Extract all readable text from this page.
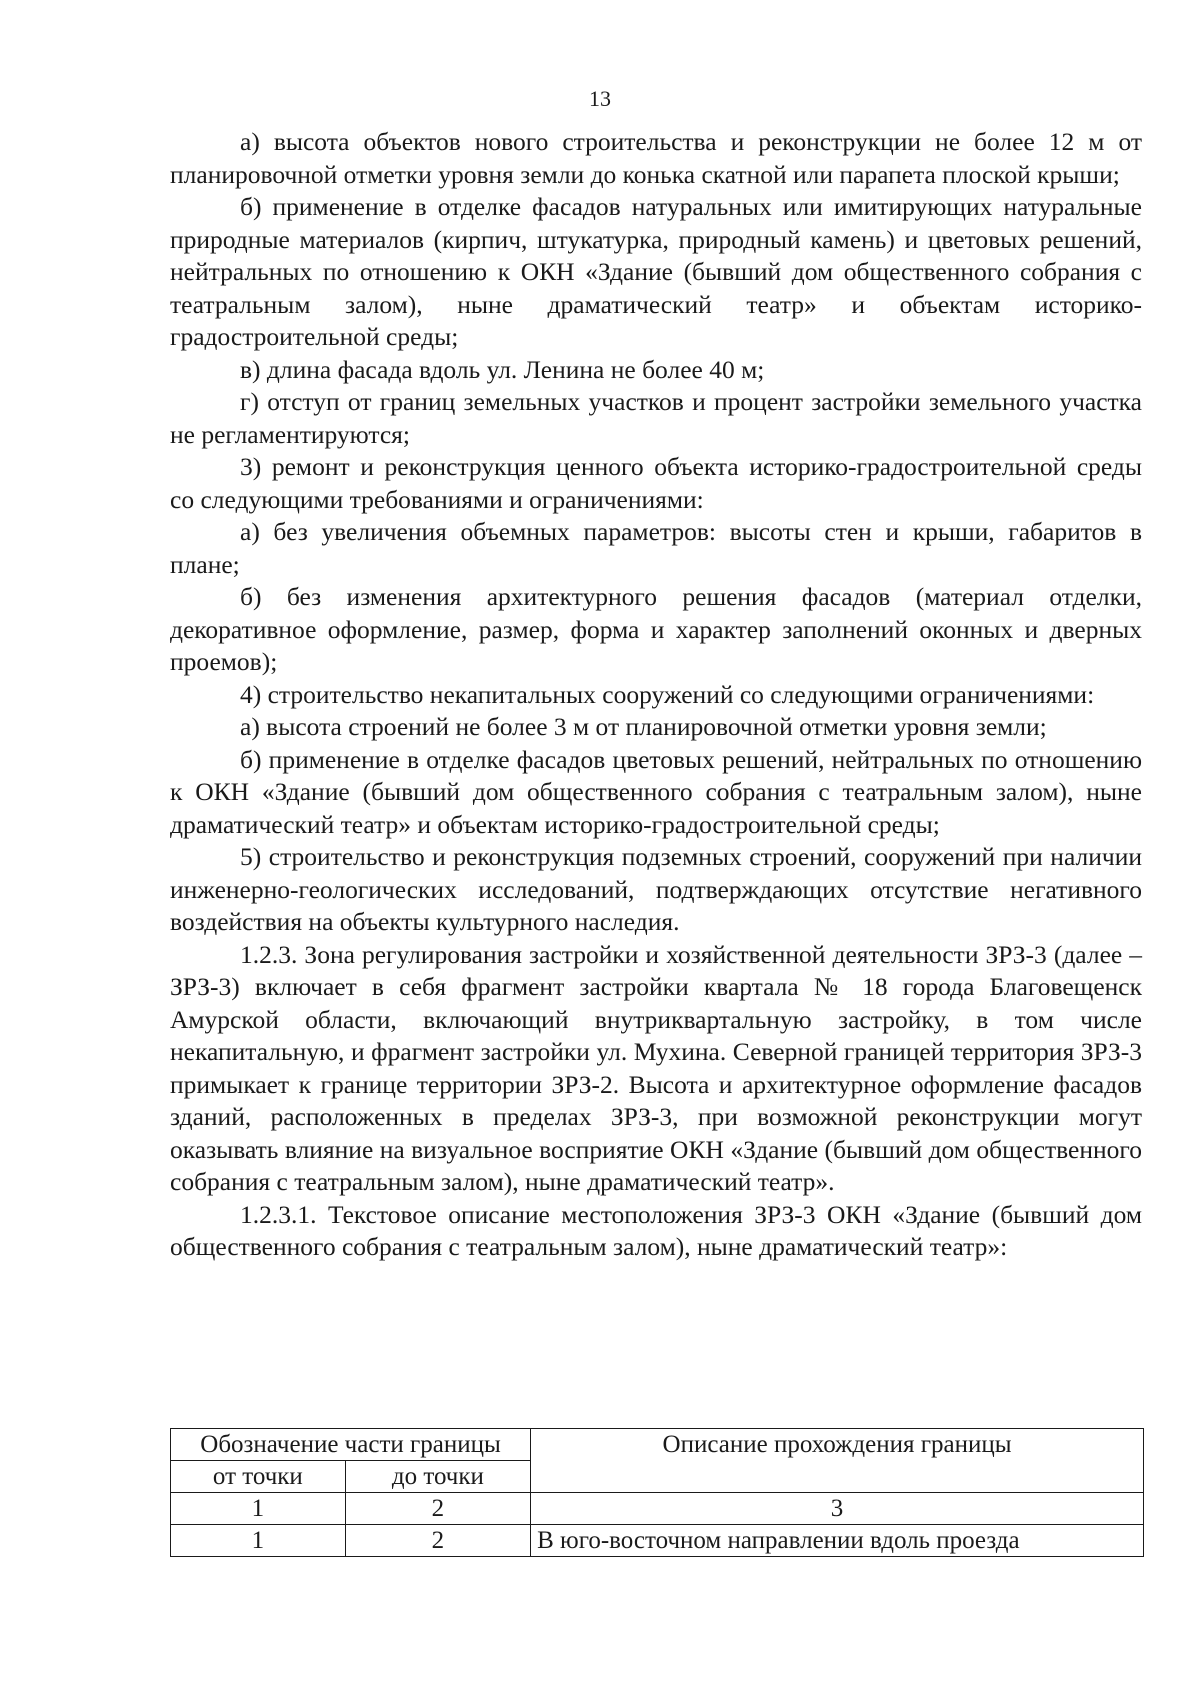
13

а) высота объектов нового строительства и реконструкции не более 12 м от планировочной отметки уровня земли до конька скатной или парапета плоской крыши;

б) применение в отделке фасадов натуральных или имитирующих натуральные природные материалов (кирпич, штукатурка, природный камень) и цветовых решений, нейтральных по отношению к ОКН «Здание (бывший дом общественного собрания с театральным залом), ныне драматический театр» и объектам историко-градостроительной среды;

в) длина фасада вдоль ул. Ленина не более 40 м;

г) отступ от границ земельных участков и процент застройки земельного участка не регламентируются;

3) ремонт и реконструкция ценного объекта историко-градостроительной среды со следующими требованиями и ограничениями:

а) без увеличения объемных параметров: высоты стен и крыши, габаритов в плане;

б) без изменения архитектурного решения фасадов (материал отделки, декоративное оформление, размер, форма и характер заполнений оконных и дверных проемов);

4) строительство некапитальных сооружений со следующими ограничениями:

а) высота строений не более 3 м от планировочной отметки уровня земли;

б) применение в отделке фасадов цветовых решений, нейтральных по отношению к ОКН «Здание (бывший дом общественного собрания с театральным залом), ныне драматический театр» и объектам историко-градостроительной среды;

5) строительство и реконструкция подземных строений, сооружений при наличии инженерно-геологических исследований, подтверждающих отсутствие негативного воздействия на объекты культурного наследия.

1.2.3. Зона регулирования застройки и хозяйственной деятельности ЗРЗ-3 (далее – ЗРЗ-3) включает в себя фрагмент застройки квартала № 18 города Благовещенск Амурской области, включающий внутриквартальную застройку, в том числе некапитальную, и фрагмент застройки ул. Мухина. Северной границей территория ЗРЗ-3 примыкает к границе территории ЗРЗ-2. Высота и архитектурное оформление фасадов зданий, расположенных в пределах ЗРЗ-3, при возможной реконструкции могут оказывать влияние на визуальное восприятие ОКН «Здание (бывший дом общественного собрания с театральным залом), ныне драматический театр».

1.2.3.1. Текстовое описание местоположения ЗРЗ-3 ОКН «Здание (бывший дом общественного собрания с театральным залом), ныне драматический театр»:

Обозначение части границы		Описание прохождения границы
от точки	до точки	
1	2	3
1	2	В юго-восточном направлении вдоль проезда
